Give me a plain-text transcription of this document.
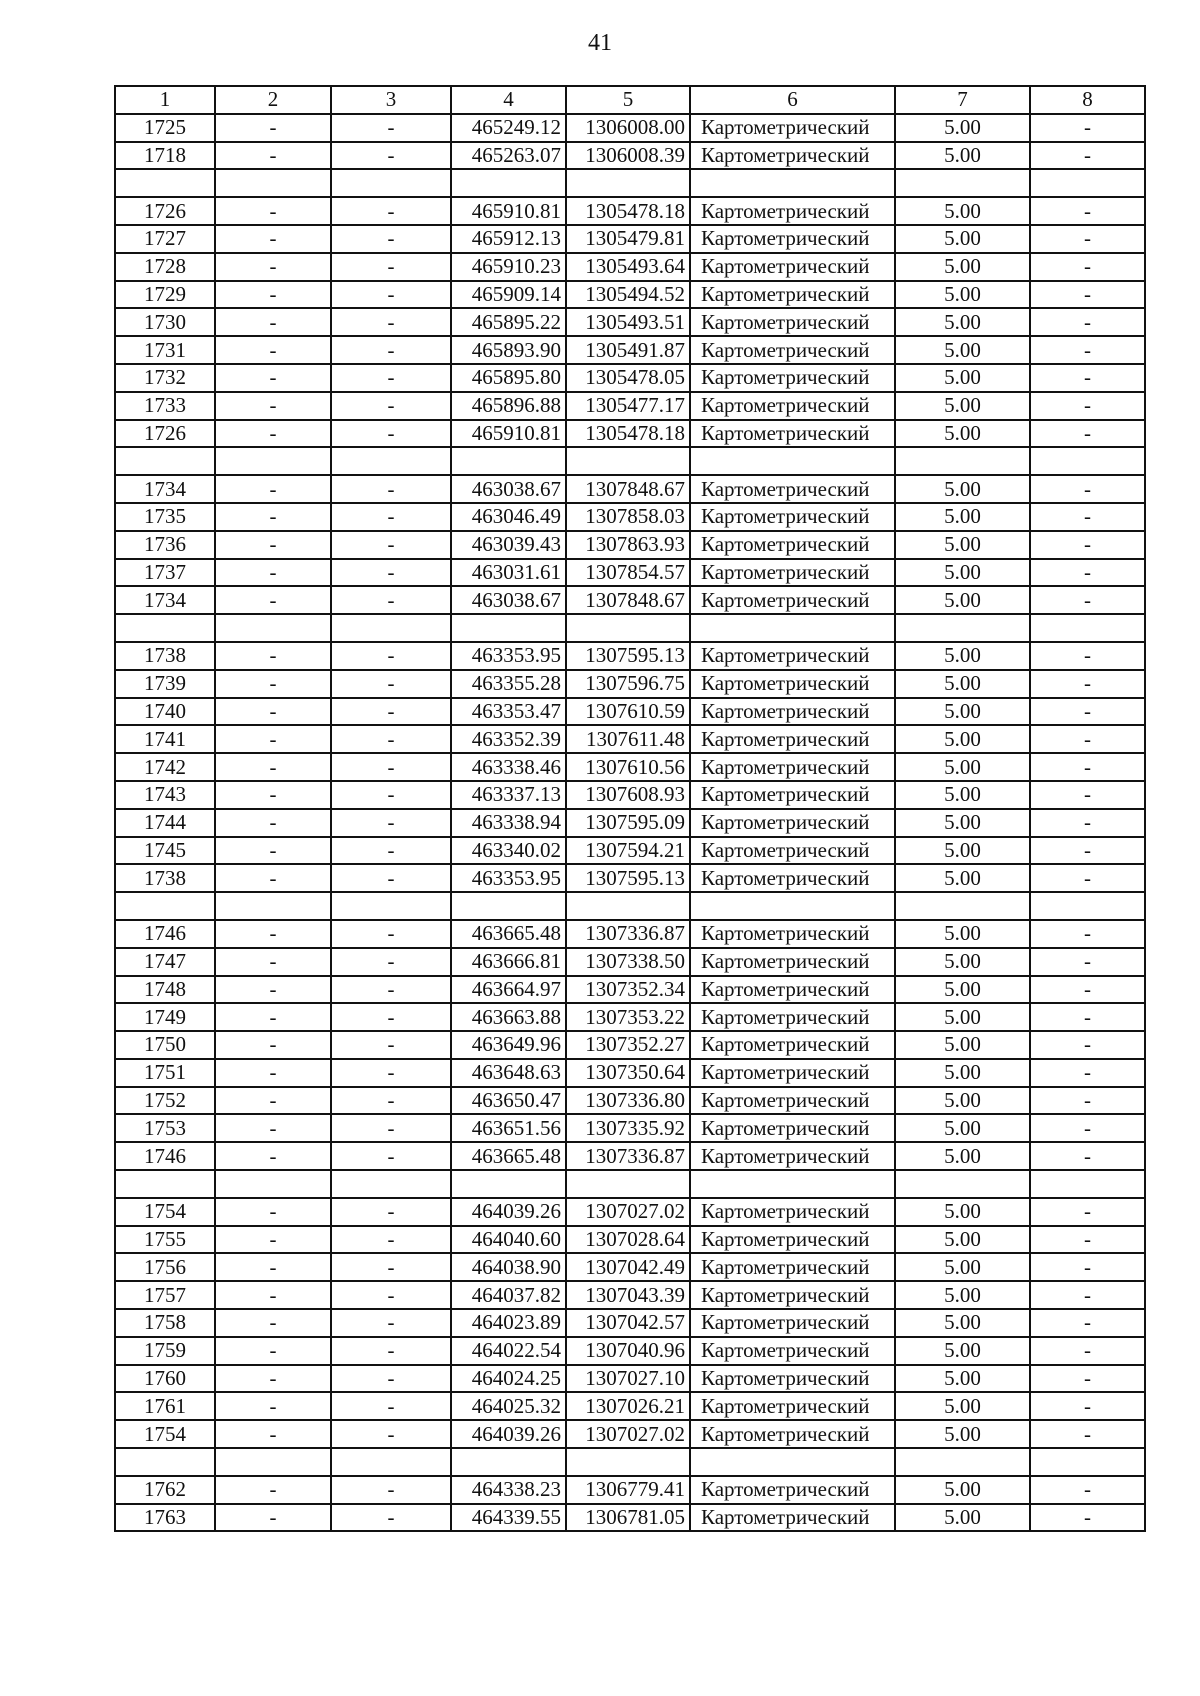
41
1	2	3	4	5	6	7	8
1725	-	-	465249.12	1306008.00	Картометрический	5.00	-
1718	-	-	465263.07	1306008.39	Картометрический	5.00	-

1726	-	-	465910.81	1305478.18	Картометрический	5.00	-
1727	-	-	465912.13	1305479.81	Картометрический	5.00	-
1728	-	-	465910.23	1305493.64	Картометрический	5.00	-
1729	-	-	465909.14	1305494.52	Картометрический	5.00	-
1730	-	-	465895.22	1305493.51	Картометрический	5.00	-
1731	-	-	465893.90	1305491.87	Картометрический	5.00	-
1732	-	-	465895.80	1305478.05	Картометрический	5.00	-
1733	-	-	465896.88	1305477.17	Картометрический	5.00	-
1726	-	-	465910.81	1305478.18	Картометрический	5.00	-

1734	-	-	463038.67	1307848.67	Картометрический	5.00	-
1735	-	-	463046.49	1307858.03	Картометрический	5.00	-
1736	-	-	463039.43	1307863.93	Картометрический	5.00	-
1737	-	-	463031.61	1307854.57	Картометрический	5.00	-
1734	-	-	463038.67	1307848.67	Картометрический	5.00	-

1738	-	-	463353.95	1307595.13	Картометрический	5.00	-
1739	-	-	463355.28	1307596.75	Картометрический	5.00	-
1740	-	-	463353.47	1307610.59	Картометрический	5.00	-
1741	-	-	463352.39	1307611.48	Картометрический	5.00	-
1742	-	-	463338.46	1307610.56	Картометрический	5.00	-
1743	-	-	463337.13	1307608.93	Картометрический	5.00	-
1744	-	-	463338.94	1307595.09	Картометрический	5.00	-
1745	-	-	463340.02	1307594.21	Картометрический	5.00	-
1738	-	-	463353.95	1307595.13	Картометрический	5.00	-

1746	-	-	463665.48	1307336.87	Картометрический	5.00	-
1747	-	-	463666.81	1307338.50	Картометрический	5.00	-
1748	-	-	463664.97	1307352.34	Картометрический	5.00	-
1749	-	-	463663.88	1307353.22	Картометрический	5.00	-
1750	-	-	463649.96	1307352.27	Картометрический	5.00	-
1751	-	-	463648.63	1307350.64	Картометрический	5.00	-
1752	-	-	463650.47	1307336.80	Картометрический	5.00	-
1753	-	-	463651.56	1307335.92	Картометрический	5.00	-
1746	-	-	463665.48	1307336.87	Картометрический	5.00	-

1754	-	-	464039.26	1307027.02	Картометрический	5.00	-
1755	-	-	464040.60	1307028.64	Картометрический	5.00	-
1756	-	-	464038.90	1307042.49	Картометрический	5.00	-
1757	-	-	464037.82	1307043.39	Картометрический	5.00	-
1758	-	-	464023.89	1307042.57	Картометрический	5.00	-
1759	-	-	464022.54	1307040.96	Картометрический	5.00	-
1760	-	-	464024.25	1307027.10	Картометрический	5.00	-
1761	-	-	464025.32	1307026.21	Картометрический	5.00	-
1754	-	-	464039.26	1307027.02	Картометрический	5.00	-

1762	-	-	464338.23	1306779.41	Картометрический	5.00	-
1763	-	-	464339.55	1306781.05	Картометрический	5.00	-
